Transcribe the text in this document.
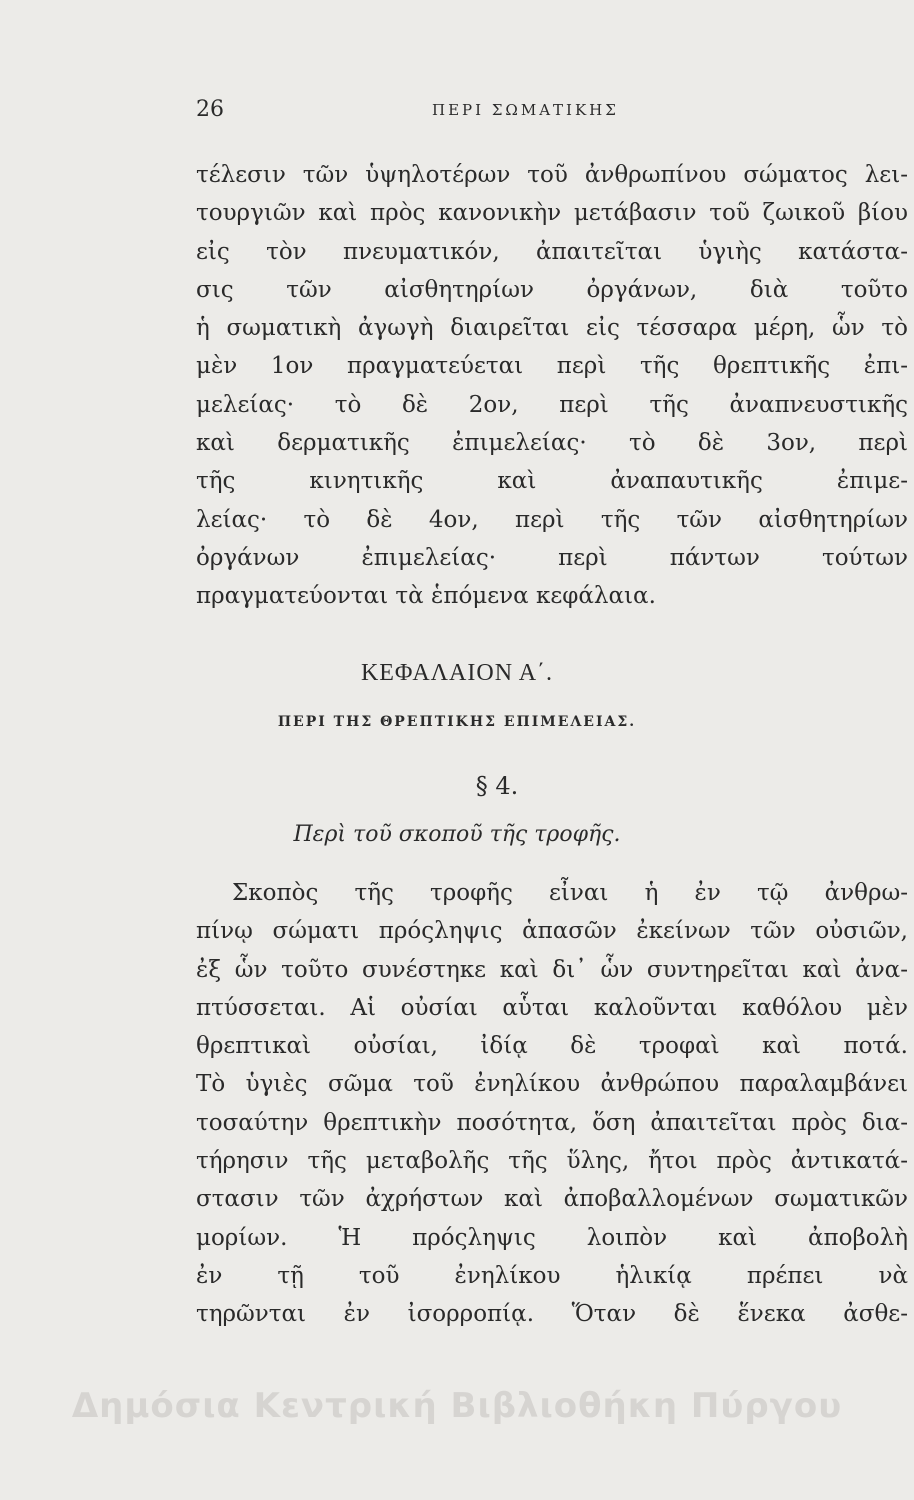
26	ΠΕΡΙ ΣΩΜΑΤΙΚΗΣ
τέλεσιν τῶν ὑψηλοτέρων τοῦ ἀνθρωπίνου σώματος λει-
τουργιῶν καὶ πρὸς κανονικὴν μετάβασιν τοῦ ζωικοῦ βίου
εἰς τὸν πνευματικόν, ἀπαιτεῖται ὑγιὴς κατάστα-
σις τῶν αἰσθητηρίων ὀργάνων, διὰ τοῦτο
ἡ σωματικὴ ἀγωγὴ διαιρεῖται εἰς τέσσαρα μέρη, ὧν τὸ
μὲν 1ον πραγματεύεται περὶ τῆς θρεπτικῆς ἐπι-
μελείας· τὸ δὲ 2ον, περὶ τῆς ἀναπνευστικῆς
καὶ δερματικῆς ἐπιμελείας· τὸ δὲ 3ον, περὶ
τῆς κινητικῆς καὶ ἀναπαυτικῆς ἐπιμε-
λείας· τὸ δὲ 4ον, περὶ τῆς τῶν αἰσθητηρίων
ὀργάνων ἐπιμελείας· περὶ πάντων τούτων
πραγματεύονται τὰ ἑπόμενα κεφάλαια.
ΚΕΦΑΛΑΙΟΝ Α΄.
ΠΕΡΙ ΤΗΣ ΘΡΕΠΤΙΚΗΣ ΕΠΙΜΕΛΕΙΑΣ.
§ 4.
Περὶ τοῦ σκοποῦ τῆς τροφῆς.
Σκοπὸς τῆς τροφῆς εἶναι ἡ ἐν τῷ ἀνθρω-
πίνῳ σώματι πρόςληψις ἁπασῶν ἐκείνων τῶν οὐσιῶν,
ἐξ ὧν τοῦτο συνέστηκε καὶ δι᾽ ὧν συντηρεῖται καὶ ἀνα-
πτύσσεται. Αἱ οὐσίαι αὗται καλοῦνται καθόλου μὲν
θρεπτικαὶ οὐσίαι, ἰδίᾳ δὲ τροφαὶ καὶ ποτά.
Τὸ ὑγιὲς σῶμα τοῦ ἐνηλίκου ἀνθρώπου παραλαμβάνει
τοσαύτην θρεπτικὴν ποσότητα, ὅση ἀπαιτεῖται πρὸς δια-
τήρησιν τῆς μεταβολῆς τῆς ὕλης, ἤτοι πρὸς ἀντικατά-
στασιν τῶν ἀχρήστων καὶ ἀποβαλλομένων σωματικῶν
μορίων. Ἡ πρόςληψις λοιπὸν καὶ ἀποβολὴ
ἐν τῇ τοῦ ἐνηλίκου ἡλικίᾳ πρέπει νὰ
τηρῶνται ἐν ἰσορροπίᾳ. Ὅταν δὲ ἕνεκα ἀσθε-
Δημόσια Κεντρική Βιβλιοθήκη Πύργου
